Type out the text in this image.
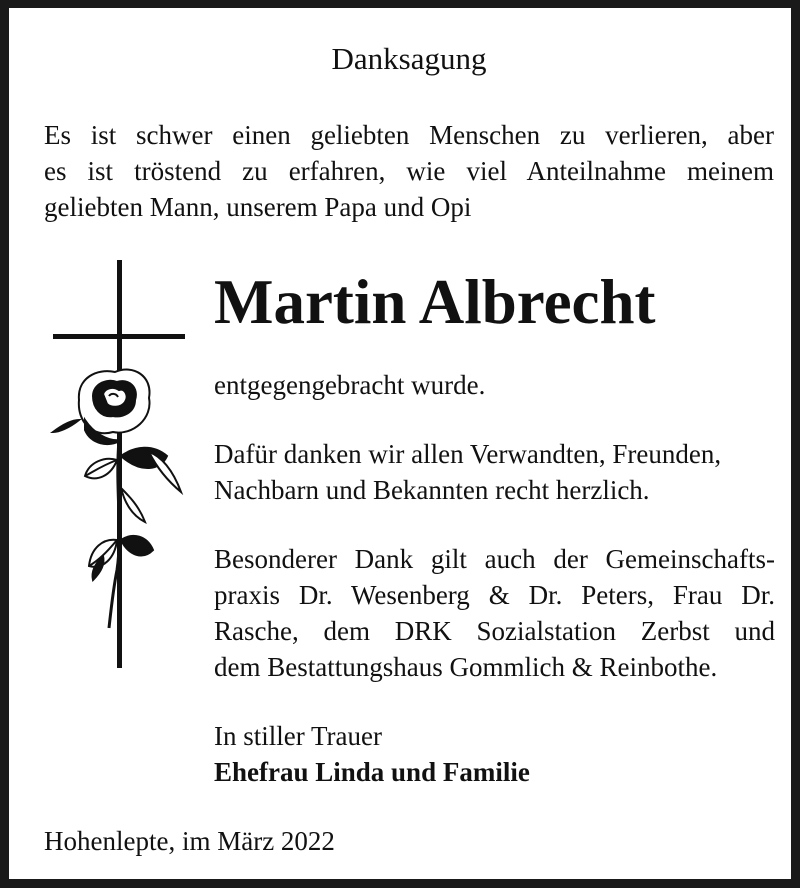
Danksagung

Es ist schwer einen geliebten Menschen zu verlieren, aber
es ist tröstend zu erfahren, wie viel Anteilnahme meinem
geliebten Mann, unserem Papa und Opi

Martin Albrecht

entgegengebracht wurde.

Dafür danken wir allen Verwandten, Freunden,
Nachbarn und Bekannten recht herzlich.

Besonderer Dank gilt auch der Gemeinschafts-
praxis Dr. Wesenberg & Dr. Peters, Frau Dr.
Rasche, dem DRK Sozialstation Zerbst und
dem Bestattungshaus Gommlich & Reinbothe.

In stiller Trauer
Ehefrau Linda und Familie

Hohenlepte, im März 2022
